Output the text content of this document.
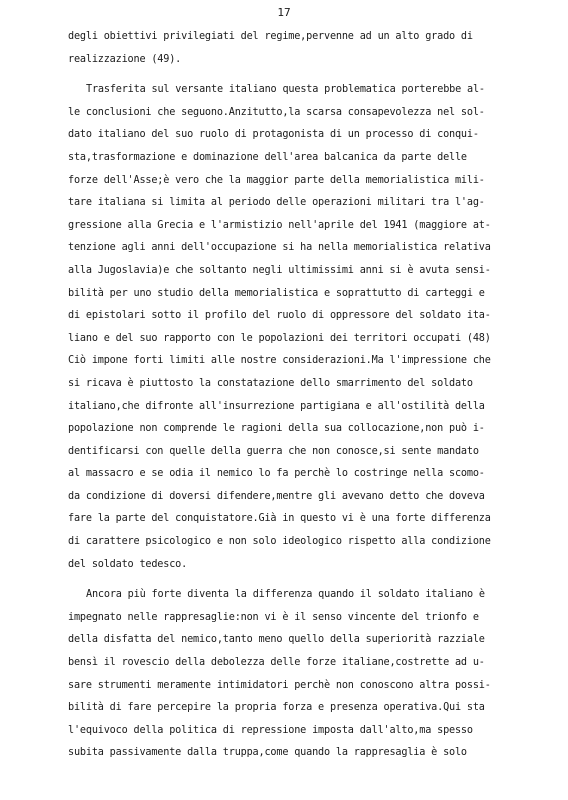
17
degli obiettivi privilegiati del regime,pervenne ad un alto grado di
realizzazione (49).
Trasferita sul versante italiano questa problematica porterebbe al-
le conclusioni che seguono.Anzitutto,la scarsa consapevolezza nel sol-
dato italiano del suo ruolo di protagonista di un processo di conqui-
sta,trasformazione e dominazione dell'area balcanica da parte delle
forze dell'Asse;è vero che la maggior parte della memorialistica mili-
tare italiana si limita al periodo delle operazioni militari tra l'ag-
gressione alla Grecia e l'armistizio nell'aprile del 1941 (maggiore at-
tenzione agli anni dell'occupazione si ha nella memorialistica relativa
alla Jugoslavia)e che soltanto negli ultimissimi anni si è avuta sensi-
bilità per uno studio della memorialistica e soprattutto di carteggi e
di epistolari sotto il profilo del ruolo di oppressore del soldato ita-
liano e del suo rapporto con le popolazioni dei territori occupati (48)
Ciò impone forti limiti alle nostre considerazioni.Ma l'impressione che
si ricava è piuttosto la constatazione dello smarrimento del soldato
italiano,che difronte all'insurrezione partigiana e all'ostilità della
popolazione non comprende le ragioni della sua collocazione,non può i-
dentificarsi con quelle della guerra che non conosce,si sente mandato
al massacro e se odia il nemico lo fa perchè lo costringe nella scomo-
da condizione di doversi difendere,mentre gli avevano detto che doveva
fare la parte del conquistatore.Già in questo vi è una forte differenza
di carattere psicologico e non solo ideologico rispetto alla condizione
del soldato tedesco.
Ancora più forte diventa la differenza quando il soldato italiano è
impegnato nelle rappresaglie:non vi è il senso vincente del trionfo e
della disfatta del nemico,tanto meno quello della superiorità razziale
bensì il rovescio della debolezza delle forze italiane,costrette ad u-
sare strumenti meramente intimidatori perchè non conoscono altra possi-
bilità di fare percepire la propria forza e presenza operativa.Qui sta
l'equivoco della politica di repressione imposta dall'alto,ma spesso
subita passivamente dalla truppa,come quando la rappresaglia è solo
